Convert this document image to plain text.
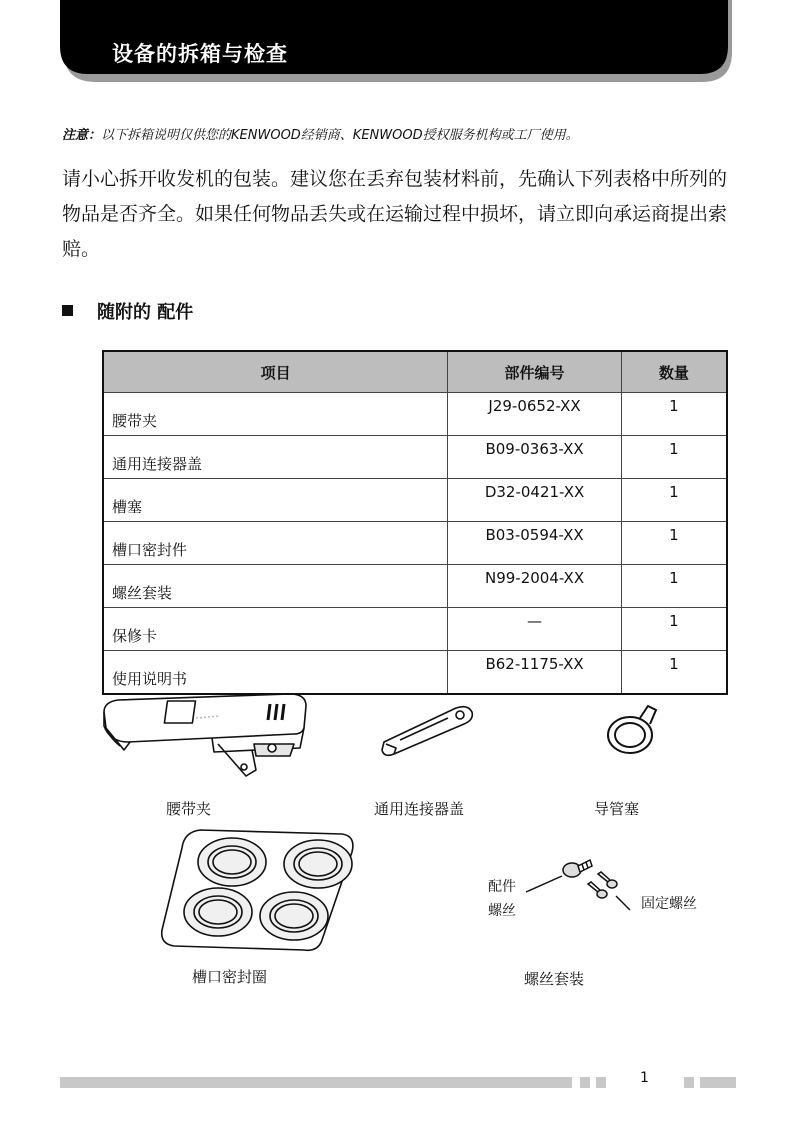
设备的拆箱与检查
注意：以下拆箱说明仅供您的KENWOOD经销商、KENWOOD授权服务机构或工厂使用。
请小心拆开收发机的包装。建议您在丢弃包装材料前，先确认下列表格中所列的物品是否齐全。如果任何物品丢失或在运输过程中损坏，请立即向承运商提出索赔。
随附的 配件
项目	部件编号	数量
腰带夹	J29-0652-XX	1
通用连接器盖	B09-0363-XX	1
槽塞	D32-0421-XX	1
槽口密封件	B03-0594-XX	1
螺丝套装	N99-2004-XX	1
保修卡	—	1
使用说明书	B62-1175-XX	1
腰带夹	通用连接器盖	导管塞
槽口密封圈	螺丝套装
配件
螺丝	固定螺丝
1
